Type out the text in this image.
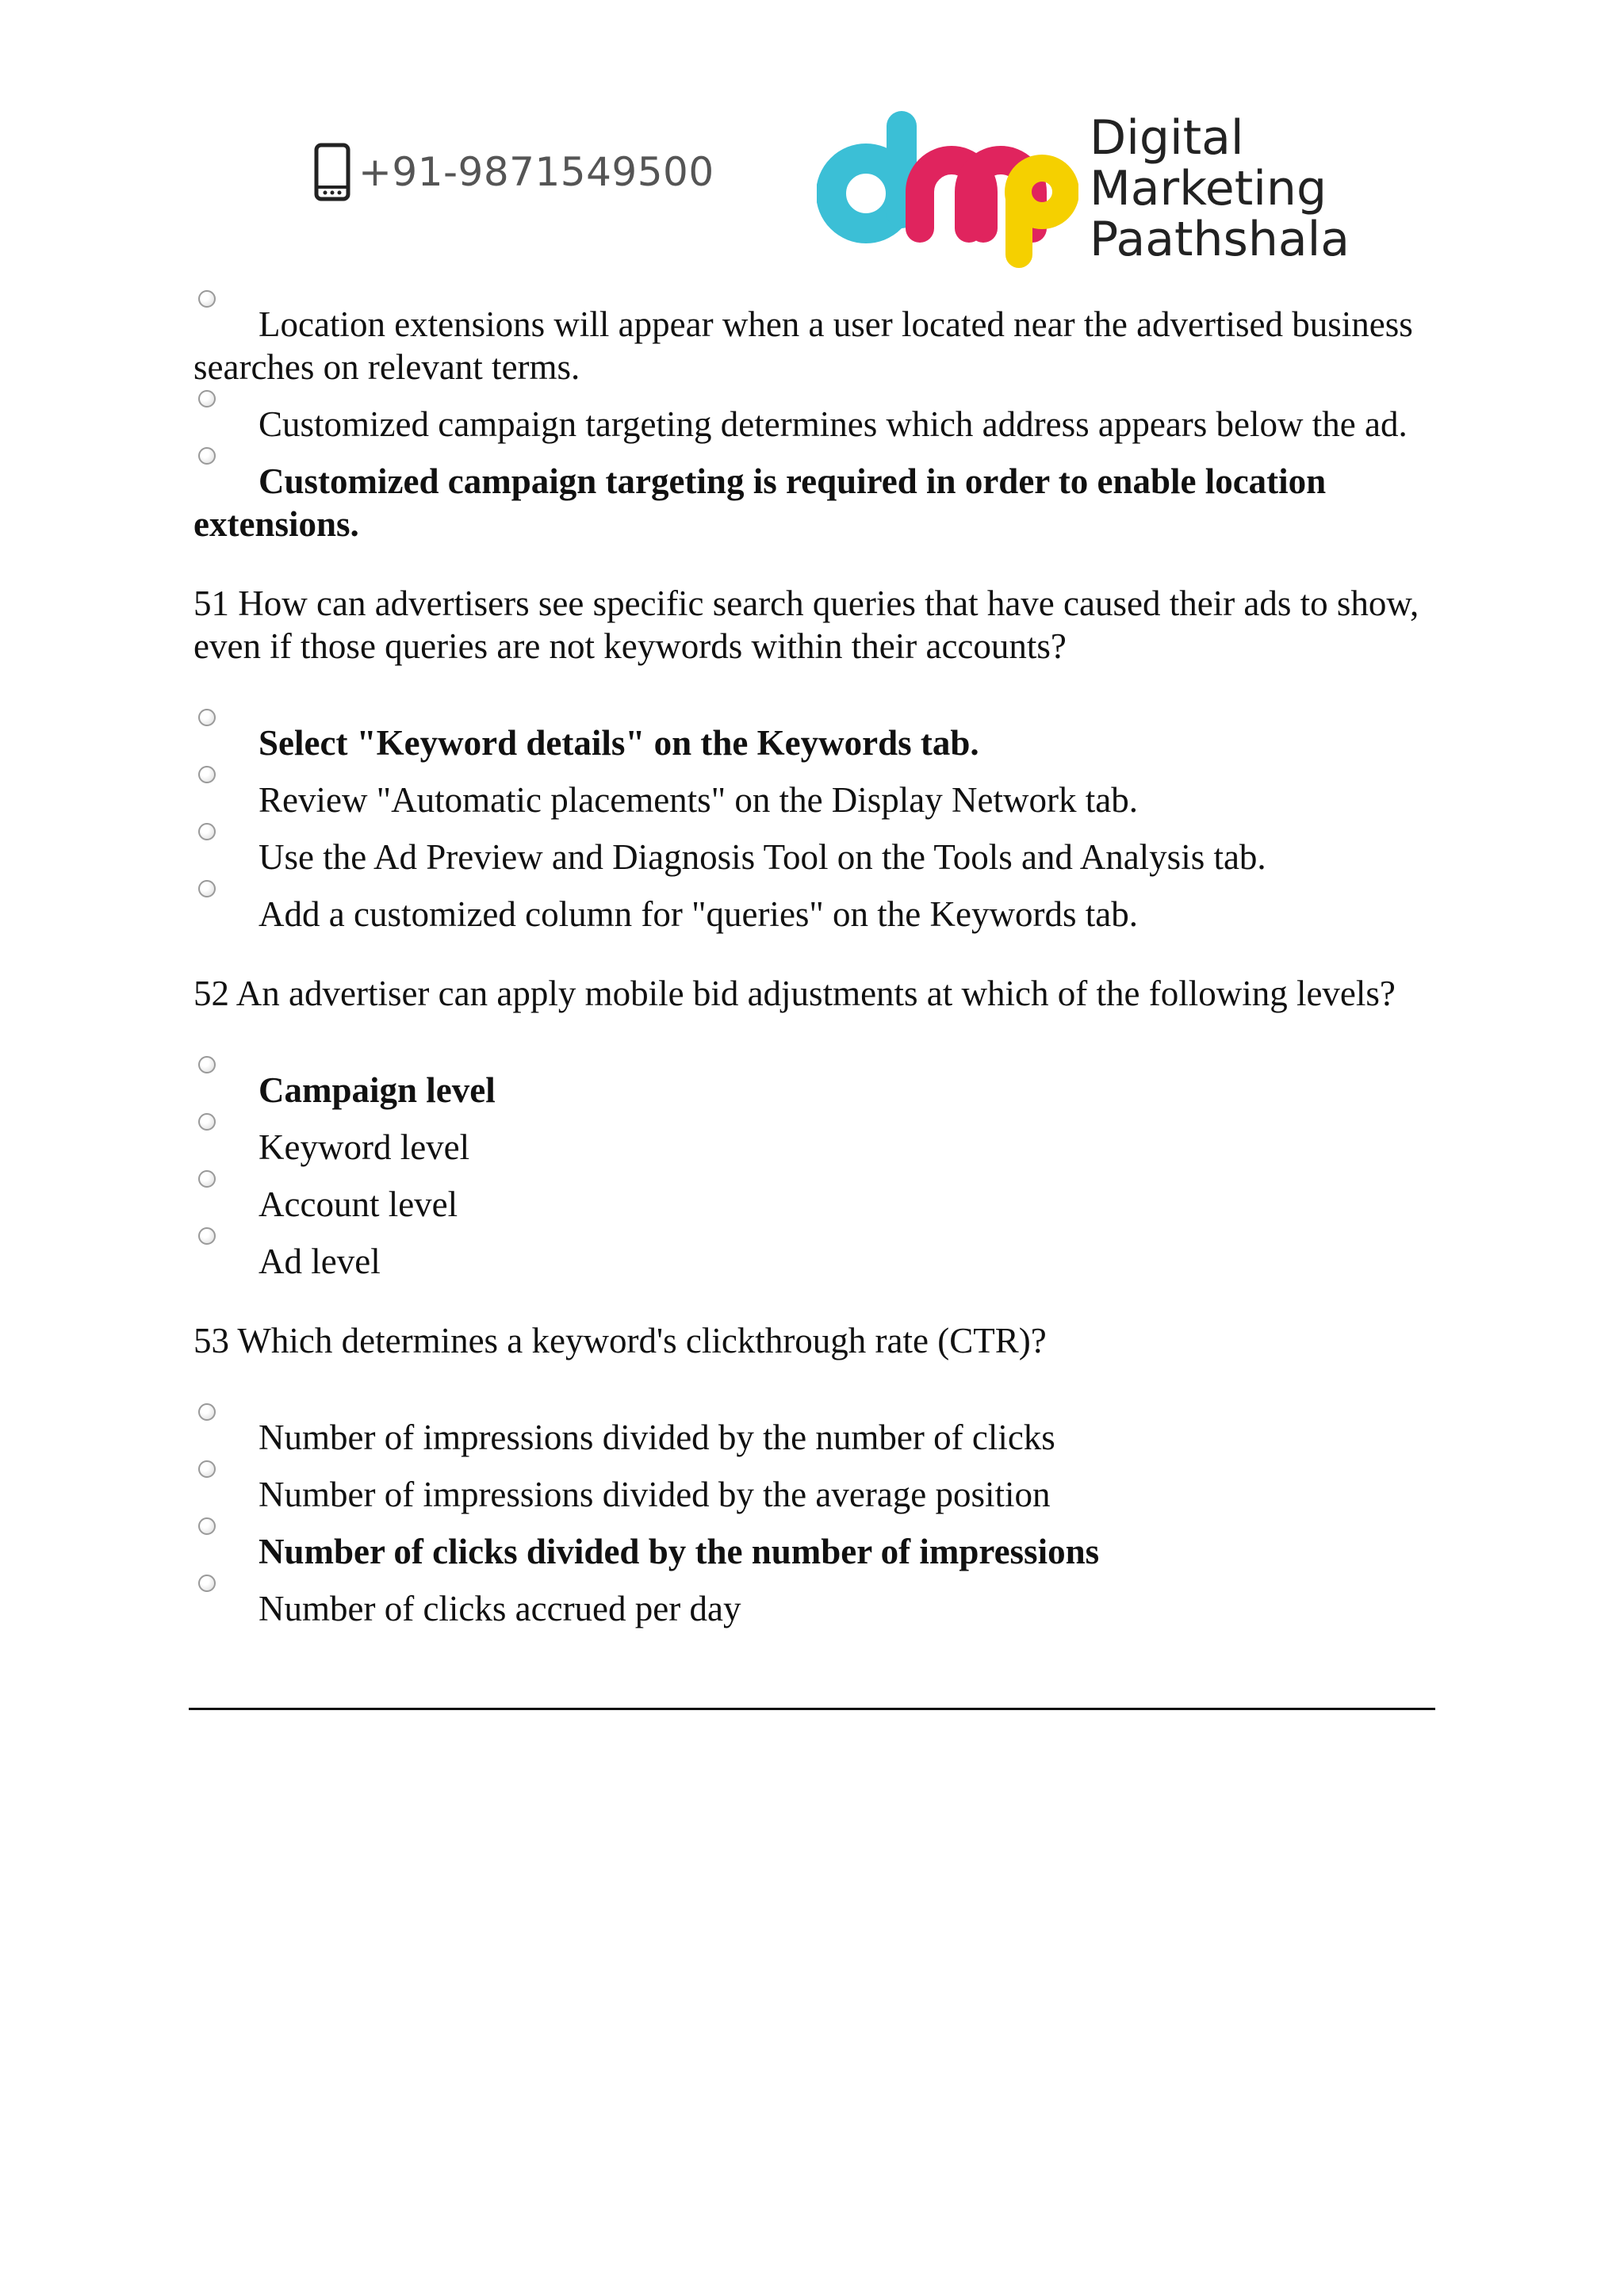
+91-9871549500
Digital
Marketing
Paathshala
Location extensions will appear when a user located near the advertised business searches on relevant terms.
Customized campaign targeting determines which address appears below the ad.
Customized campaign targeting is required in order to enable location extensions.
51 How can advertisers see specific search queries that have caused their ads to show, even if those queries are not keywords within their accounts?
Select "Keyword details" on the Keywords tab.
Review "Automatic placements" on the Display Network tab.
Use the Ad Preview and Diagnosis Tool on the Tools and Analysis tab.
Add a customized column for "queries" on the Keywords tab.
52 An advertiser can apply mobile bid adjustments at which of the following levels?
Campaign level
Keyword level
Account level
Ad level
53 Which determines a keyword's clickthrough rate (CTR)?
Number of impressions divided by the number of clicks
Number of impressions divided by the average position
Number of clicks divided by the number of impressions
Number of clicks accrued per day
